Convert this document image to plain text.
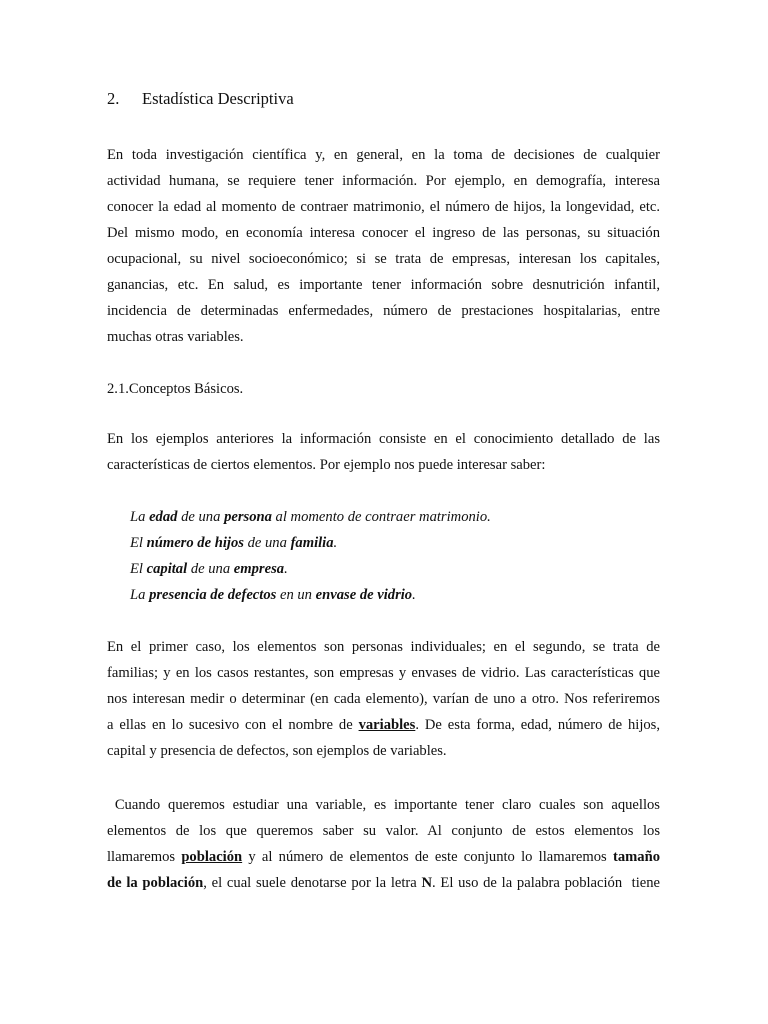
2. Estadística Descriptiva
En toda investigación científica y, en general, en la toma de decisiones de cualquier
actividad humana, se requiere tener información. Por ejemplo, en demografía, interesa
conocer la edad al momento de contraer matrimonio, el número de hijos, la longevidad, etc.
Del mismo modo, en economía interesa conocer el ingreso de las personas, su situación
ocupacional, su nivel socioeconómico; si se trata de empresas, interesan los capitales,
ganancias, etc. En salud, es importante tener información sobre desnutrición infantil,
incidencia de determinadas enfermedades, número de prestaciones hospitalarias, entre
muchas otras variables.
2.1.Conceptos Básicos.
En los ejemplos anteriores la información consiste en el conocimiento detallado de las
características de ciertos elementos. Por ejemplo nos puede interesar saber:
La edad de una persona al momento de contraer matrimonio.
El número de hijos de una familia.
El capital de una empresa.
La presencia de defectos en un envase de vidrio.
En el primer caso, los elementos son personas individuales; en el segundo, se trata de
familias; y en los casos restantes, son empresas y envases de vidrio. Las características que
nos interesan medir o determinar (en cada elemento), varían de uno a otro. Nos referiremos
a ellas en lo sucesivo con el nombre de variables. De esta forma, edad, número de hijos,
capital y presencia de defectos, son ejemplos de variables.
Cuando queremos estudiar una variable, es importante tener claro cuales son aquellos
elementos de los que queremos saber su valor. Al conjunto de estos elementos los
llamaremos población y al número de elementos de este conjunto lo llamaremos tamaño
de la población, el cual suele denotarse por la letra N. El uso de la palabra población  tiene
